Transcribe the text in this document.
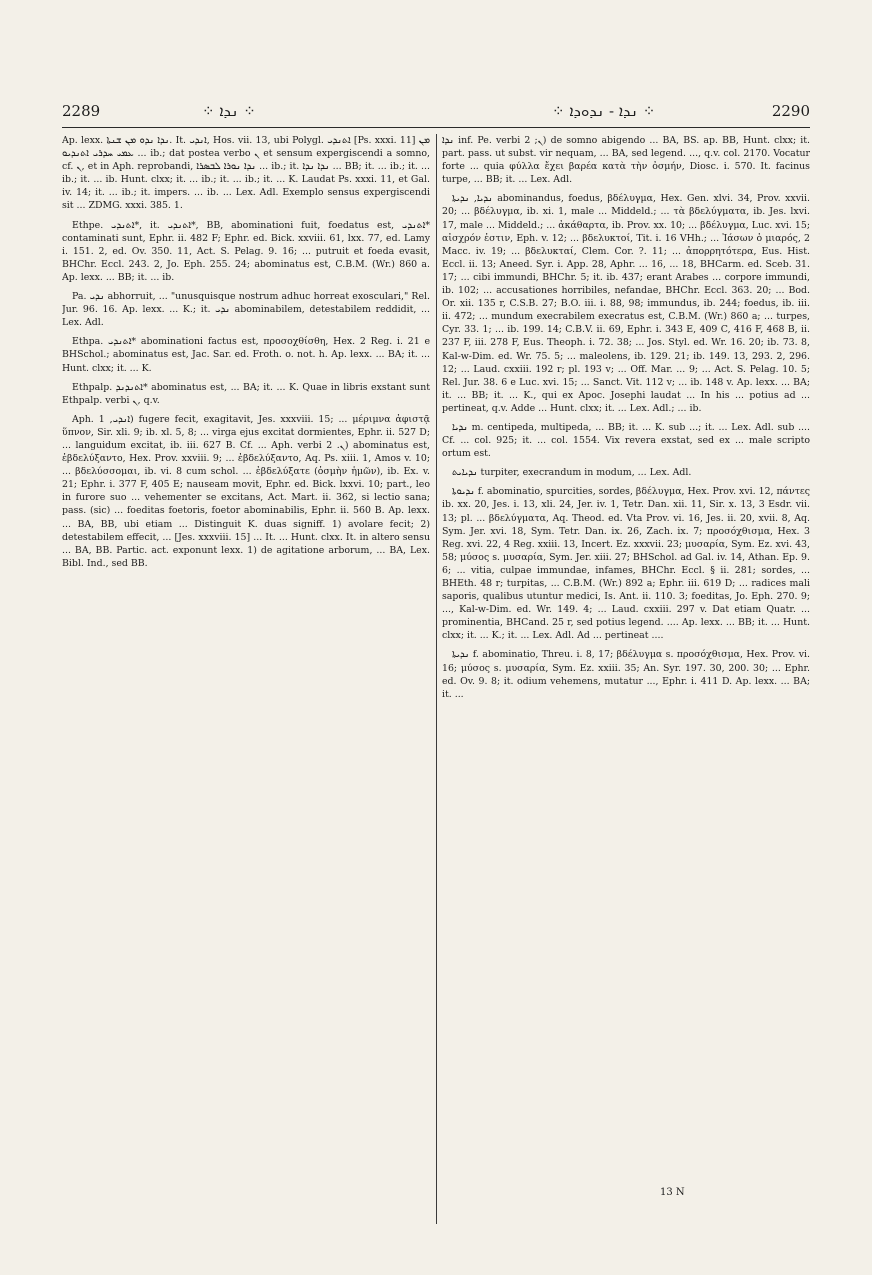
2289	⁘ ܢܕܐ ⁘	⁘ ܢܕܐ - ܢܕܘܕܐ ⁘	2290

Ap. lexx. ܢܕܐ ܢܕܘ ܡܢ ܫܢܬܐ. It. ܐܢܕܝ, Hos. vii. 13, ubi Polygl. ܐܬܢܕܝ [Ps. xxxi. 11] ܡܢ ܥܡܝ ܚܕܪܝ ܐܬܢܕܝܘ ... ib.; dat postea verbo ܢ et sensum expergiscendi a somno, cf. ܢ, et in Aph. reprobandi, ܢܕܐ ܢܘܪܐ ܠܒܣܪܐ ... ib.; it. ܢܕܐ ܢܕܐ ... BB; it. ... ib.; it. ... ib.; it. ... ib. Hunt. clxx; it. ... ib.; it. ... ib.; it. ... K. Laudat Ps. xxxi. 11, et Gal. iv. 14; it. ... ib.; it. impers. ... ib. ... Lex. Adl. Exemplo sensus expergiscendi sit ... ZDMG. xxxi. 385. 1.

Ethpe. ܐܬܢܕܝ*, it. ܐܬܢܕܝ*, BB, abominationi fuit, foedatus est, ܐܬܢܕܝ* contaminati sunt, Ephr. ii. 482 F; Ephr. ed. Bick. xxviii. 61, lxx. 77, ed. Lamy i. 151. 2, ed. Ov. 350. 11, Act. S. Pelag. 9. 16; ... putruit et foeda evasit, BHChr. Eccl. 243. 2, Jo. Eph. 255. 24; abominatus est, C.B.M. (Wr.) 860 a. Ap. lexx. ... BB; it. ... ib.

Pa. ܢܕܝ abhorruit, ... "unusquisque nostrum adhuc horreat exosculari," Rel. Jur. 96. 16. Ap. lexx. ... K.; it. ܢܕܝ abominabilem, detestabilem reddidit, ... Lex. Adl.

Ethpa. ܐܬܢܕܝ* abominationi factus est, προσοχθίσθη, Hex. 2 Reg. i. 21 e BHSchol.; abominatus est, Jac. Sar. ed. Froth. o. not. h. Ap. lexx. ... BA; it. ... Hunt. clxx; it. ... K.

Ethpalp. ܐܬܢܕܢܕ* abominatus est, ... BA; it. ... K. Quae in libris exstant sunt Ethpalp. verbi ܢ, q.v.

Aph. ܐܢܕܝ, 1) fugere fecit, exagitavit, Jes. xxxviii. 15; ... μέριμνα ἀφιστᾷ ὕπνον, Sir. xli. 9; ib. xl. 5, 8; ... virga ejus excitat dormientes, Ephr. ii. 527 D; ... languidum excitat, ib. iii. 627 B. Cf. ... Aph. verbi ܢ. 2) abominatus est, ἐβδελύξαντο, Hex. Prov. xxviii. 9; ... ἐβδελύξαντο, Aq. Ps. xiii. 1, Amos v. 10; ... βδελύσσομαι, ib. vi. 8 cum schol. ... ἐβδελύξατε (ὀσμὴν ἡμῶν), ib. Ex. v. 21; Ephr. i. 377 F, 405 E; nauseam movit, Ephr. ed. Bick. lxxvi. 10; part., leo in furore suo ... vehementer se excitans, Act. Mart. ii. 362, si lectio sana; pass. (sic) ... foeditas foetoris, foetor abominabilis, Ephr. ii. 560 B. Ap. lexx. ... BA, BB, ubi etiam ... Distinguit K. duas signiff. 1) avolare fecit; 2) detestabilem effecit, ... [Jes. xxxviii. 15] ... It. ... Hunt. clxx. It. in altero sensu ... BA, BB. Partic. act. exponunt lexx. 1) de agitatione arborum, ... BA, Lex. Bibl. Ind., sed BB.

ܢܕܐ inf. Pe. verbi ܢ; 2) de somno abigendo ... BA, BS. ap. BB, Hunt. clxx; it. part. pass. ut subst. vir nequam, ... BA, sed legend. ..., q.v. col. 2170. Vocatur forte ... quia φύλλα ἔχει βαρέα κατὰ τὴν ὀσμήν, Diosc. i. 570. It. facinus turpe, ... BB; it. ... Lex. Adl.

ܢܕܝܐ, ܢܕܝܬܐ abominandus, foedus, βδέλυγμα, Hex. Gen. xlvi. 34, Prov. xxvii. 20; ... βδέλυγμα, ib. xi. 1, male ... Middeld.; ... τὰ βδελύγματα, ib. Jes. lxvi. 17, male ... Middeld.; ... ἀκάθαρτα, ib. Prov. xx. 10; ... βδέλυγμα, Luc. xvi. 15; αἰσχρόν ἐστιν, Eph. v. 12; ... βδελυκτοί, Tit. i. 16 VHh.; ... Ἰάσων ὁ μιαρός, 2 Macc. iv. 19; ... βδελυκταί, Clem. Cor. ?. 11; ... ἀπορρητότερα, Eus. Hist. Eccl. ii. 13; Aneed. Syr. i. App. 28, Aphr. ... 16, ... 18, BHCarm. ed. Sceb. 31. 17; ... cibi immundi, BHChr. 5; it. ib. 437; erant Arabes ... corpore immundi, ib. 102; ... accusationes horribiles, nefandae, BHChr. Eccl. 363. 20; ... Bod. Or. xii. 135 r, C.S.B. 27; B.O. iii. i. 88, 98; immundus, ib. 244; foedus, ib. iii. ii. 472; ... mundum execrabilem execratus est, C.B.M. (Wr.) 860 a; ... turpes, Cyr. 33. 1; ... ib. 199. 14; C.B.V. ii. 69, Ephr. i. 343 E, 409 C, 416 F, 468 B, ii. 237 F, iii. 278 F, Eus. Theoph. i. 72. 38; ... Jos. Styl. ed. Wr. 16. 20; ib. 73. 8, Kal-w-Dim. ed. Wr. 75. 5; ... maleolens, ib. 129. 21; ib. 149. 13, 293. 2, 296. 12; ... Laud. cxxiii. 192 r; pl. 193 v; ... Off. Mar. ... 9; ... Act. S. Pelag. 10. 5; Rel. Jur. 38. 6 e Luc. xvi. 15; ... Sanct. Vit. 112 v; ... ib. 148 v. Ap. lexx. ... BA; it. ... BB; it. ... K., qui ex Apoc. Josephi laudat ... In his ... potius ad ... pertineat, q.v. Adde ... Hunt. clxx; it. ... Lex. Adl.; ... ib.

ܢܕܝܐ m. centipeda, multipeda, ... BB; it. ... K. sub ...; it. ... Lex. Adl. sub .... Cf. ... col. 925; it. ... col. 1554. Vix revera exstat, sed ex ... male scripto ortum est.

ܢܕܝܐܝܬ turpiter, execrandum in modum, ... Lex. Adl.

ܢܕܝܘܬܐ f. abominatio, spurcities, sordes, βδέλυγμα, Hex. Prov. xvi. 12, πάντες ib. xx. 20, Jes. i. 13, xli. 24, Jer. iv. 1, Tetr. Dan. xii. 11, Sir. x. 13, 3 Esdr. vii. 13; pl. ... βδελύγματα, Aq. Theod. ed. Vta Prov. vi. 16, Jes. ii. 20, xvii. 8, Aq. Sym. Jer. xvi. 18, Sym. Tetr. Dan. ix. 26, Zach. ix. 7; προσόχθισμα, Hex. 3 Reg. xvi. 22, 4 Reg. xxiii. 13, Incert. Ez. xxxvii. 23; μυσαρία, Sym. Ez. xvi. 43, 58; μύσος s. μυσαρία, Sym. Jer. xiii. 27; BHSchol. ad Gal. iv. 14, Athan. Ep. 9. 6; ... vitia, culpae immundae, infames, BHChr. Eccl. § ii. 281; sordes, ... BHEth. 48 r; turpitas, ... C.B.M. (Wr.) 892 a; Ephr. iii. 619 D; ... radices mali saporis, qualibus utuntur medici, Is. Ant. ii. 110. 3; foeditas, Jo. Eph. 270. 9; ..., Kal-w-Dim. ed. Wr. 149. 4; ... Laud. cxxiii. 297 v. Dat etiam Quatr. ... prominentia, BHCand. 25 r, sed potius legend. .... Ap. lexx. ... BB; it. ... Hunt. clxx; it. ... K.; it. ... Lex. Adl. Ad ... pertineat ....

ܢܕܝܬܐ f. abominatio, Threu. i. 8, 17; βδέλυγμα s. προσόχθισμα, Hex. Prov. vi. 16; μύσος s. μυσαρία, Sym. Ez. xxiii. 35; An. Syr. 197. 30, 200. 30; ... Ephr. ed. Ov. 9. 8; it. odium vehemens, mutatur ..., Ephr. i. 411 D. Ap. lexx. ... BA; it. ...

13 N
